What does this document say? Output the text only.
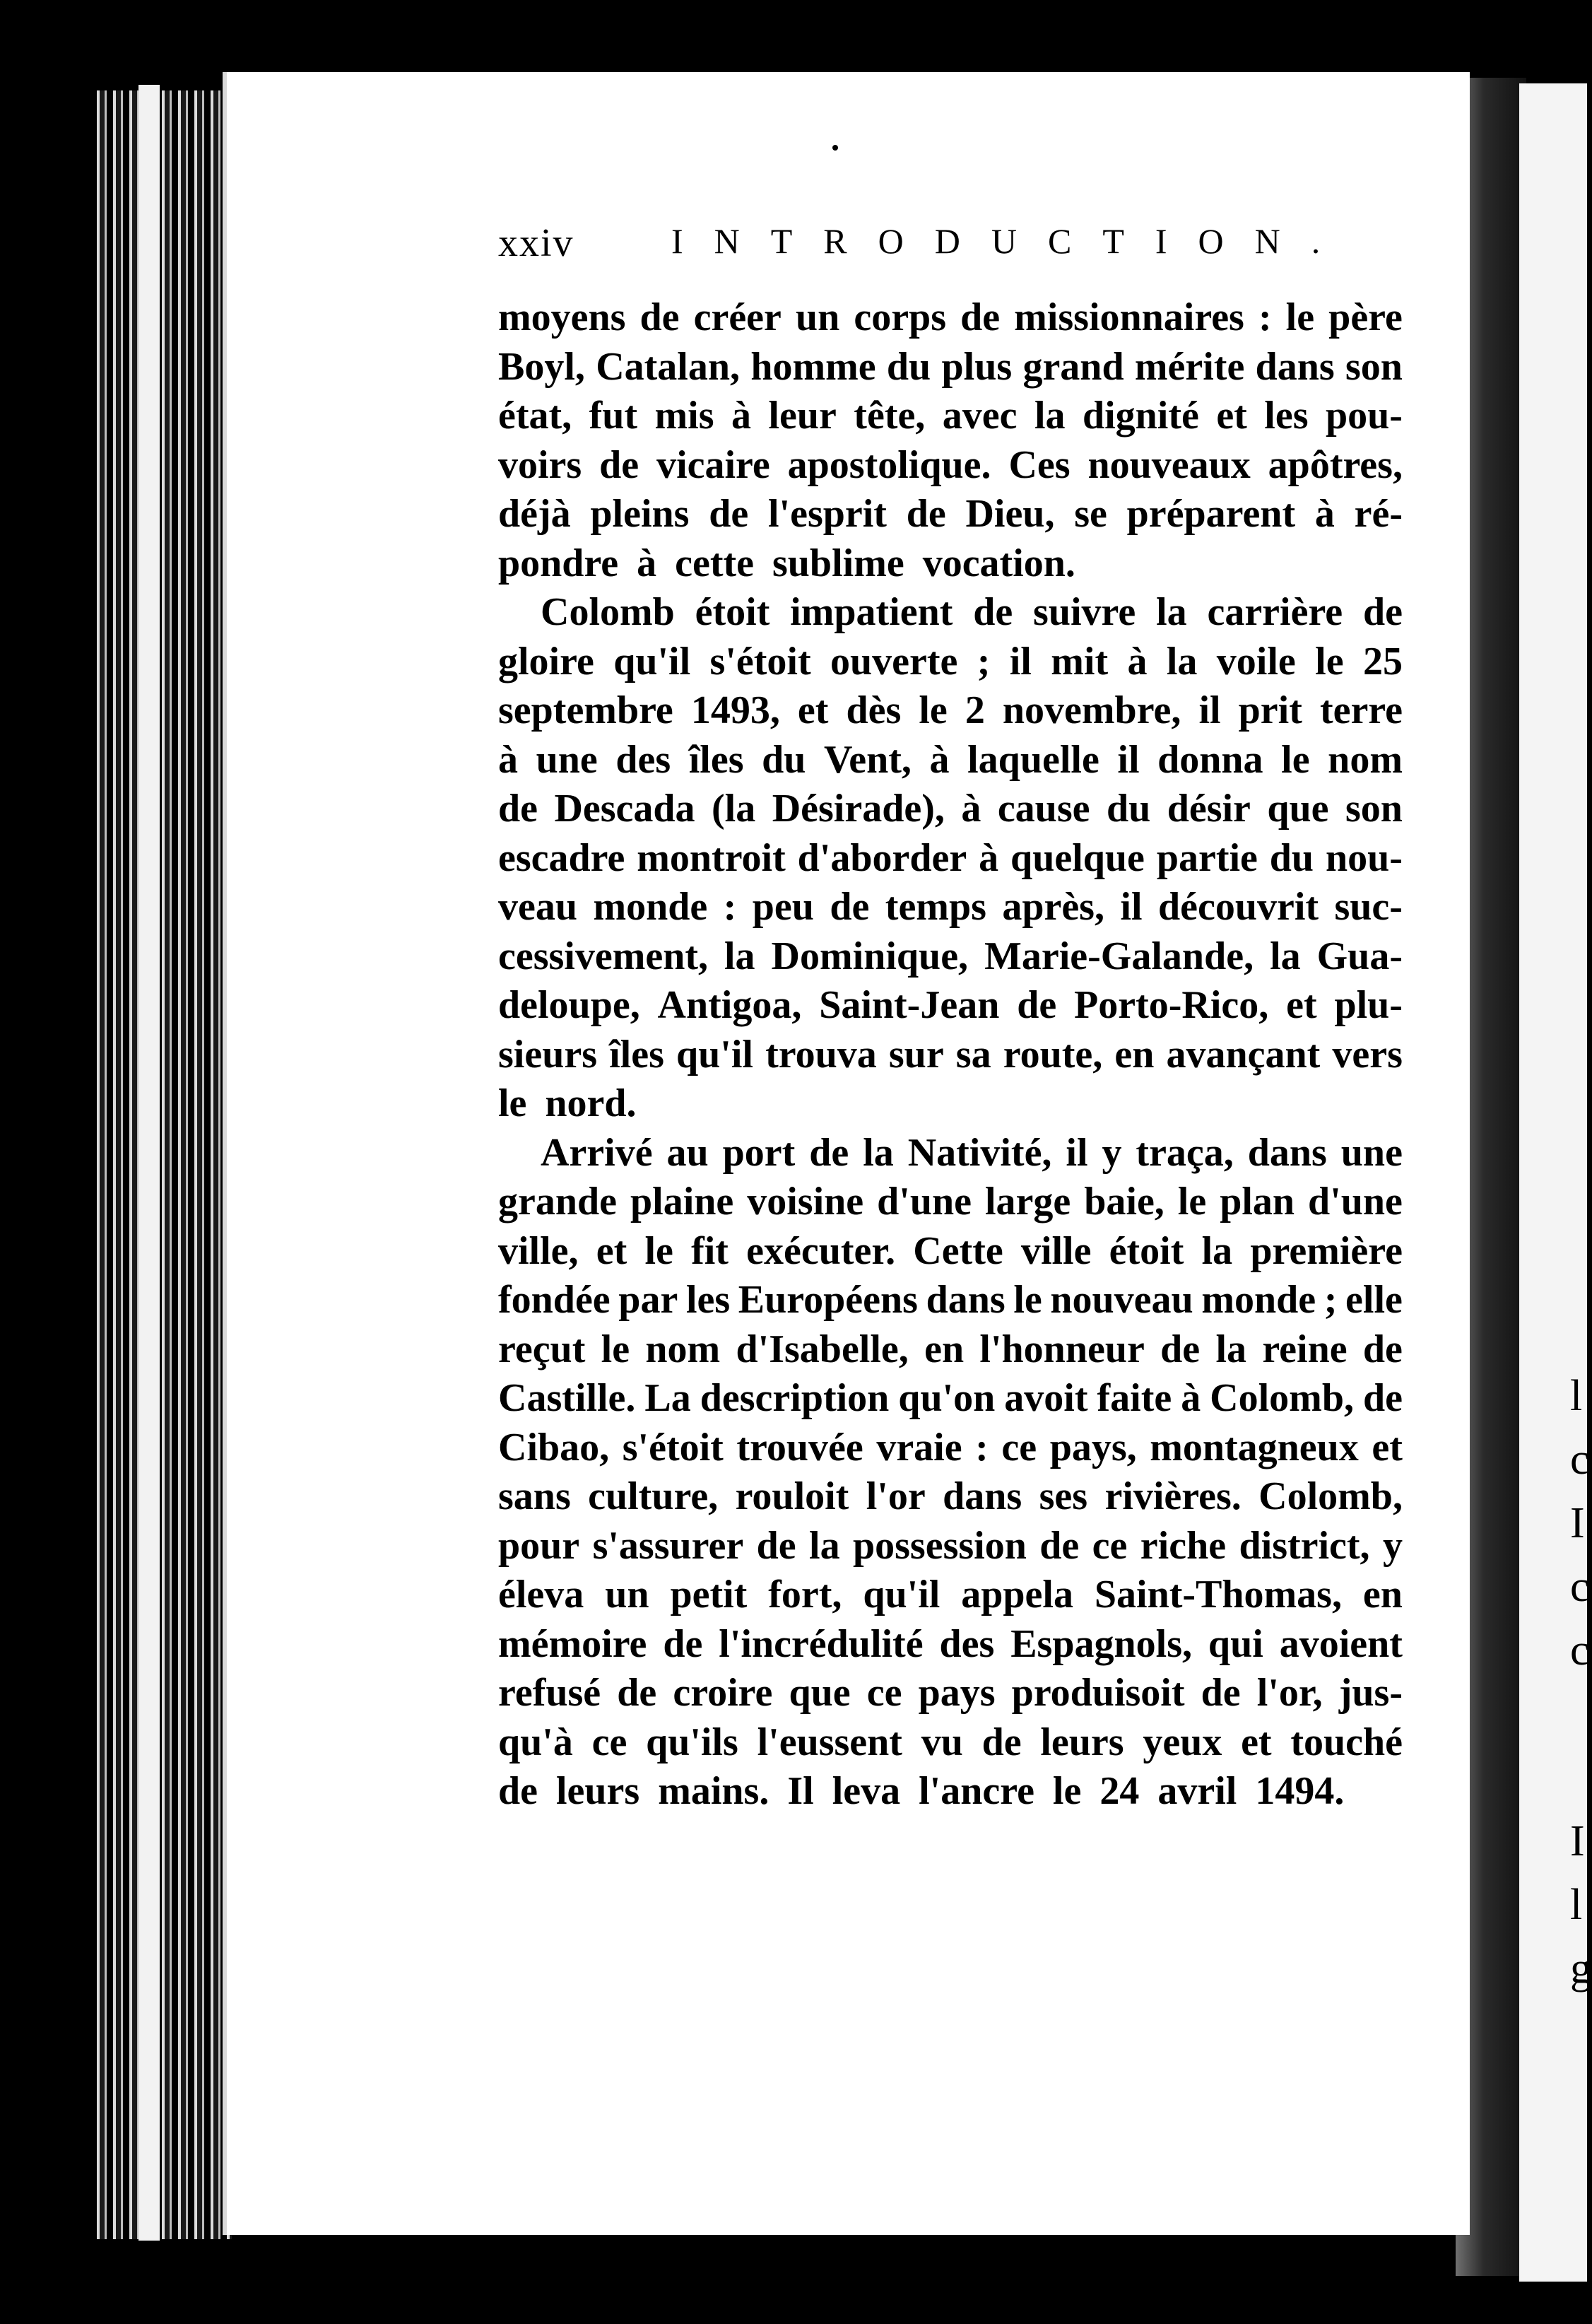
l
c
I
c
c

I
l
g
xxiv	INTRODUCTION.
moyens de créer un corps de missionnaires : le père
Boyl, Catalan, homme du plus grand mérite dans son
état, fut mis à leur tête, avec la dignité et les pou-
voirs de vicaire apostolique. Ces nouveaux apôtres,
déjà pleins de l'esprit de Dieu, se préparent à ré-
pondre à cette sublime vocation.
Colomb étoit impatient de suivre la carrière de
gloire qu'il s'étoit ouverte ; il mit à la voile le 25
septembre 1493, et dès le 2 novembre, il prit terre
à une des îles du Vent, à laquelle il donna le nom
de Descada (la Désirade), à cause du désir que son
escadre montroit d'aborder à quelque partie du nou-
veau monde : peu de temps après, il découvrit suc-
cessivement, la Dominique, Marie-Galande, la Gua-
deloupe, Antigoa, Saint-Jean de Porto-Rico, et plu-
sieurs îles qu'il trouva sur sa route, en avançant vers
le nord.
Arrivé au port de la Nativité, il y traça, dans une
grande plaine voisine d'une large baie, le plan d'une
ville, et le fit exécuter. Cette ville étoit la première
fondée par les Européens dans le nouveau monde ; elle
reçut le nom d'Isabelle, en l'honneur de la reine de
Castille. La description qu'on avoit faite à Colomb, de
Cibao, s'étoit trouvée vraie : ce pays, montagneux et
sans culture, rouloit l'or dans ses rivières. Colomb,
pour s'assurer de la possession de ce riche district, y
éleva un petit fort, qu'il appela Saint-Thomas, en
mémoire de l'incrédulité des Espagnols, qui avoient
refusé de croire que ce pays produisoit de l'or, jus-
qu'à ce qu'ils l'eussent vu de leurs yeux et touché
de leurs mains. Il leva l'ancre le 24 avril 1494.
